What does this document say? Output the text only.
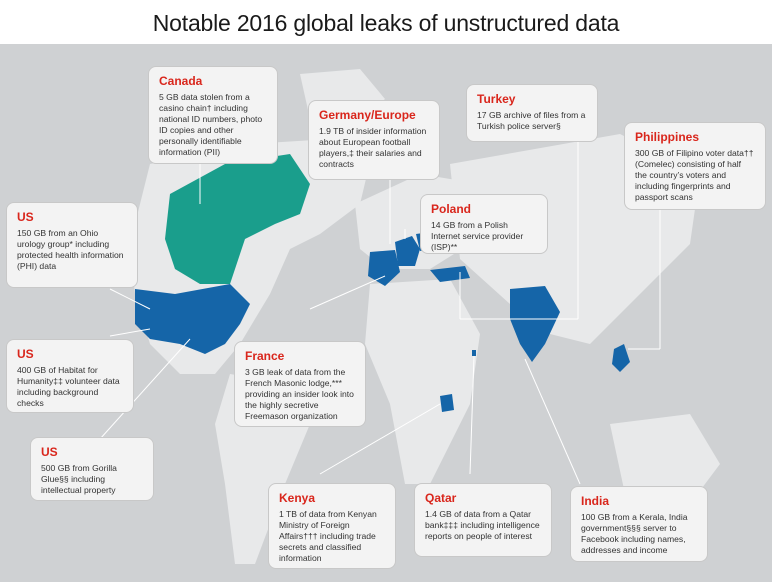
Notable 2016 global leaks of unstructured data
Canada
5 GB data stolen from a casino chain† including national ID numbers, photo ID copies and other personally identifiable information (PII)
Germany/Europe
1.9 TB of insider information about European football players,‡ their salaries and contracts
Turkey
17 GB archive of files from a Turkish police server§
Philippines
300 GB of Filipino voter data†† (Comelec) consisting of half the country’s voters and including fingerprints and passport scans
Poland
14 GB from a Polish Internet service provider (ISP)**
US
150 GB from an Ohio urology group* including protected health information (PHI) data
US
400 GB of Habitat for Humanity‡‡ volunteer data including background checks
France
3 GB leak of data from the French Masonic lodge,*** providing an insider look into the highly secretive Freemason organization
US
500 GB from Gorilla Glue§§ including intellectual property
Kenya
1 TB of data from Kenyan Ministry of Foreign Affairs††† including trade secrets and classified information
Qatar
1.4 GB of data from a Qatar bank‡‡‡ including intelligence reports on people of interest
India
100 GB from a Kerala, India government§§§ server to Facebook including names, addresses and income
